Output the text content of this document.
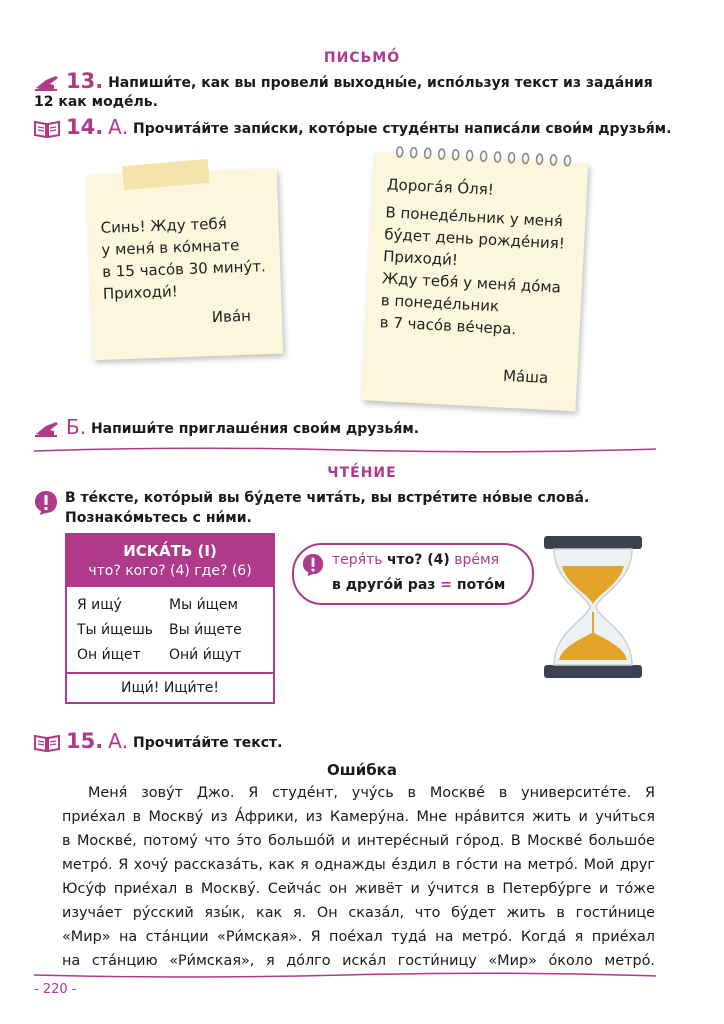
ПИСЬМО́
13. Напиши́те, как вы провели́ выходны́е, испо́льзуя текст из зада́ния 12 как моде́ль.
14. А. Прочита́йте запи́ски, кото́рые студе́нты написа́ли свои́м друзья́м.
Синь! Жду тебя́
у меня́ в ко́мнате
в 15 часо́в 30 мину́т.
Приходи́!
Ива́н
Дорога́я О́ля!
В понеде́льник у меня́
бу́дет день рожде́ния!
Приходи́!
Жду тебя́ у меня́ до́ма
в понеде́льник
в 7 часо́в ве́чера.
Ма́ша
Б. Напиши́те приглаше́ния свои́м друзья́м.
ЧТЕ́НИЕ
В те́ксте, кото́рый вы бу́дете чита́ть, вы встре́тите но́вые слова́. Познако́мьтесь с ни́ми.
ИСКА́ТЬ (I)
что? кого? (4) где? (6)
Я ищу́	Мы и́щем
Ты и́щешь Вы и́щете
Он и́щет Они́ и́щут
Ищи́! Ищи́те!
теря́ть что? (4) вре́мя
в друго́й раз = пото́м
15. А. Прочита́йте текст.
Оши́бка
Меня́ зову́т Джо. Я студе́нт, учу́сь в Москве́ в университе́те. Я
прие́хал в Москву́ из А́фрики, из Камеру́на. Мне нра́вится жить и учи́ться
в Москве́, потому́ что э́то большо́й и интере́сный го́род. В Москве́ большо́е
метро́. Я хочу́ рассказа́ть, как я однажды е́здил в го́сти на метро́. Мой друг
Юсу́ф прие́хал в Москву́. Сейча́с он живёт и у́чится в Петербу́рге и то́же
изуча́ет ру́сский язы́к, как я. Он сказа́л, что бу́дет жить в гости́нице
«Мир» на ста́нции «Ри́мская». Я пое́хал туда́ на метро́. Когда́ я прие́хал
на ста́нцию «Ри́мская», я до́лго иска́л гости́ницу «Мир» о́коло метро́.
- 220 -
